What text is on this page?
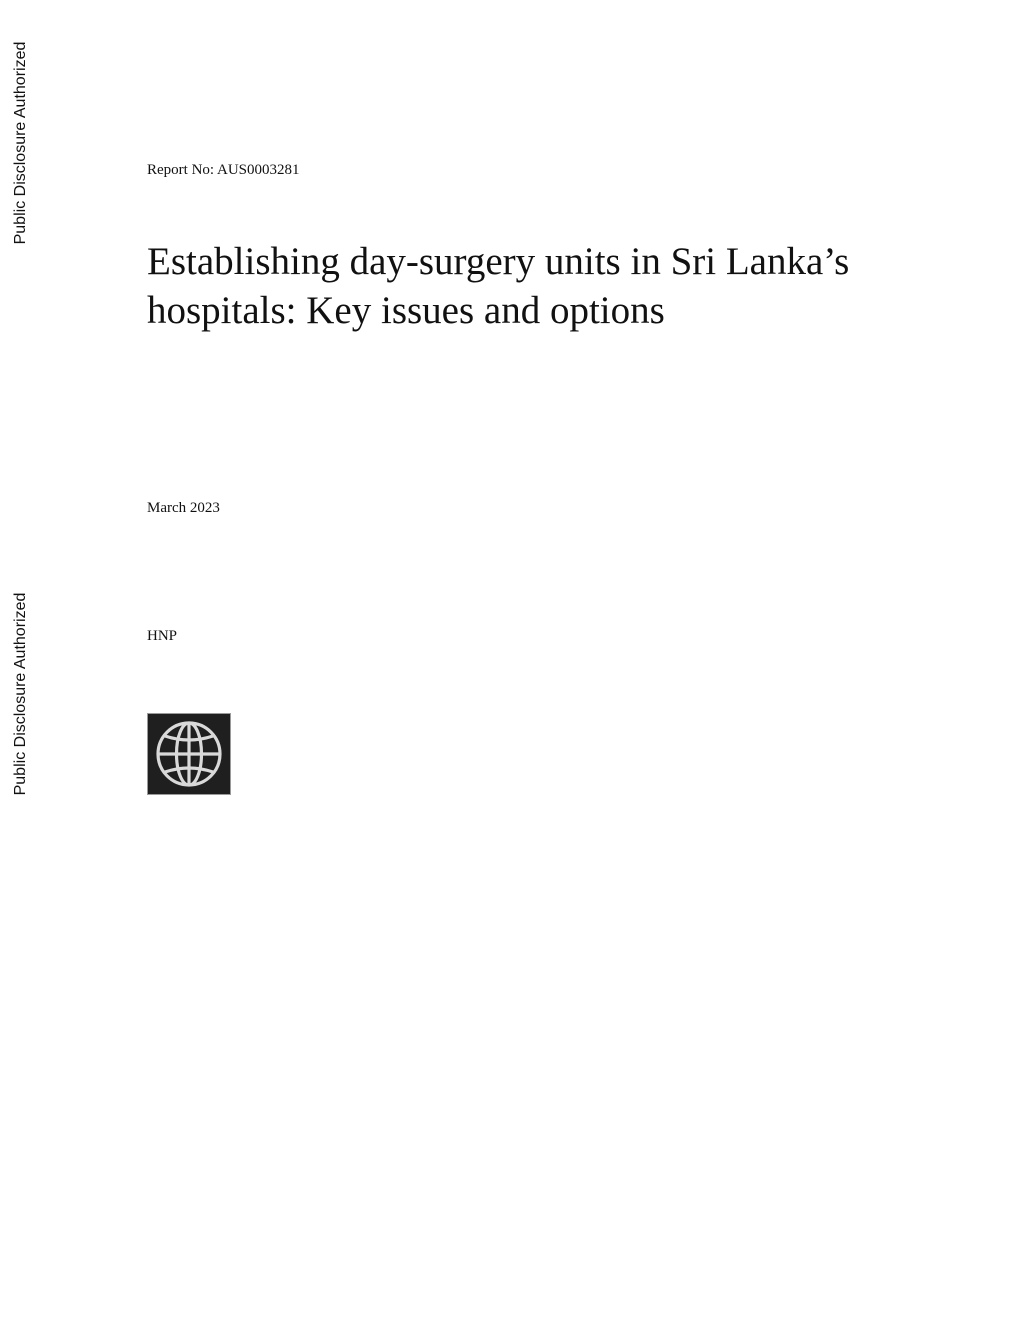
Public Disclosure Authorized
Public Disclosure Authorized
Report No: AUS0003281
Establishing day-surgery units in Sri Lanka’s
hospitals: Key issues and options
March 2023
HNP
